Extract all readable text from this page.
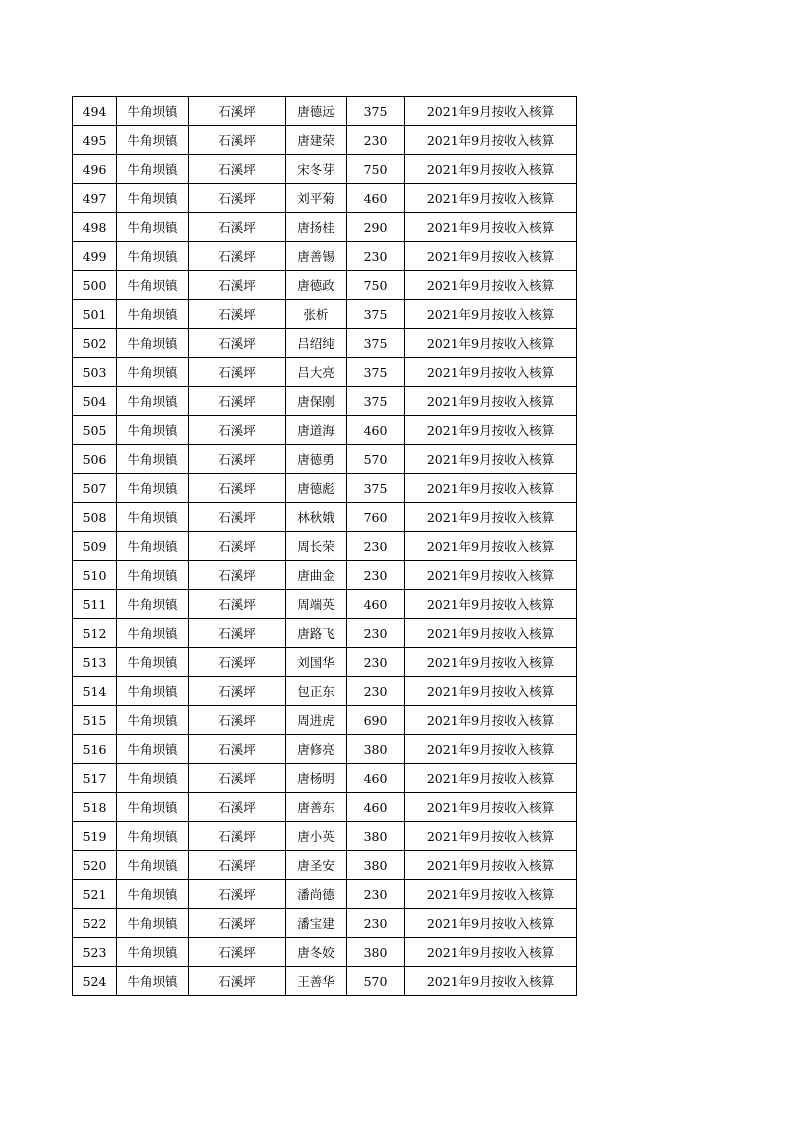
494	牛角坝镇	石溪坪	唐德远	375	2021年9月按收入核算
495	牛角坝镇	石溪坪	唐建荣	230	2021年9月按收入核算
496	牛角坝镇	石溪坪	宋冬芽	750	2021年9月按收入核算
497	牛角坝镇	石溪坪	刘平菊	460	2021年9月按收入核算
498	牛角坝镇	石溪坪	唐扬桂	290	2021年9月按收入核算
499	牛角坝镇	石溪坪	唐善锡	230	2021年9月按收入核算
500	牛角坝镇	石溪坪	唐德政	750	2021年9月按收入核算
501	牛角坝镇	石溪坪	张析	375	2021年9月按收入核算
502	牛角坝镇	石溪坪	吕绍纯	375	2021年9月按收入核算
503	牛角坝镇	石溪坪	吕大亮	375	2021年9月按收入核算
504	牛角坝镇	石溪坪	唐保刚	375	2021年9月按收入核算
505	牛角坝镇	石溪坪	唐道海	460	2021年9月按收入核算
506	牛角坝镇	石溪坪	唐德勇	570	2021年9月按收入核算
507	牛角坝镇	石溪坪	唐德彪	375	2021年9月按收入核算
508	牛角坝镇	石溪坪	林秋娥	760	2021年9月按收入核算
509	牛角坝镇	石溪坪	周长荣	230	2021年9月按收入核算
510	牛角坝镇	石溪坪	唐曲金	230	2021年9月按收入核算
511	牛角坝镇	石溪坪	周端英	460	2021年9月按收入核算
512	牛角坝镇	石溪坪	唐路飞	230	2021年9月按收入核算
513	牛角坝镇	石溪坪	刘国华	230	2021年9月按收入核算
514	牛角坝镇	石溪坪	包正东	230	2021年9月按收入核算
515	牛角坝镇	石溪坪	周进虎	690	2021年9月按收入核算
516	牛角坝镇	石溪坪	唐修亮	380	2021年9月按收入核算
517	牛角坝镇	石溪坪	唐杨明	460	2021年9月按收入核算
518	牛角坝镇	石溪坪	唐善东	460	2021年9月按收入核算
519	牛角坝镇	石溪坪	唐小英	380	2021年9月按收入核算
520	牛角坝镇	石溪坪	唐圣安	380	2021年9月按收入核算
521	牛角坝镇	石溪坪	潘尚德	230	2021年9月按收入核算
522	牛角坝镇	石溪坪	潘宝建	230	2021年9月按收入核算
523	牛角坝镇	石溪坪	唐冬姣	380	2021年9月按收入核算
524	牛角坝镇	石溪坪	王善华	570	2021年9月按收入核算
